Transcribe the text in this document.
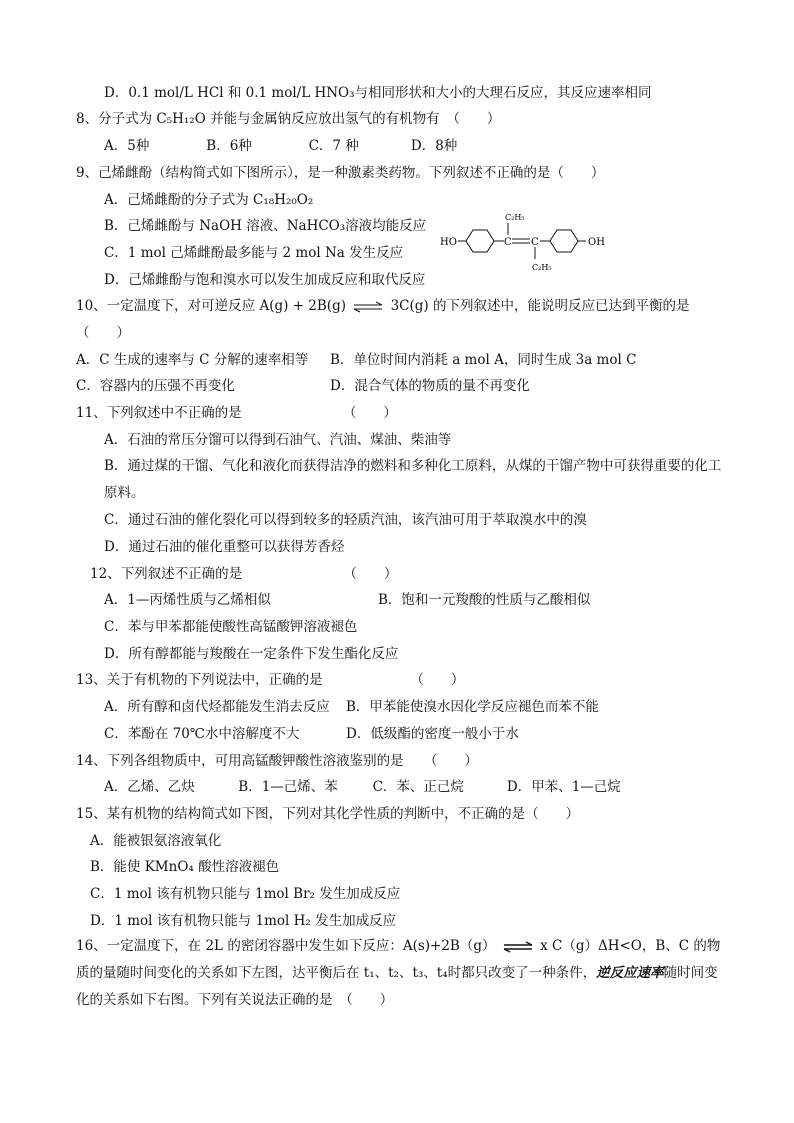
D．0.1 mol/L HCl 和 0.1 mol/L HNO₃与相同形状和大小的大理石反应，其反应速率相同
8、分子式为 C₅H₁₂O 并能与金属钠反应放出氢气的有机物有　（　　）
A．5种	B．6种	C．7 种	D．8种
9、己烯雌酚（结构简式如下图所示），是一种激素类药物。下列叙述不正确的是（　　）
A．己烯雌酚的分子式为 C₁₈H₂₀O₂
B．己烯雌酚与 NaOH 溶液、NaHCO₃溶液均能反应
C．1 mol 己烯雌酚最多能与 2 mol Na 发生反应
D．己烯雌酚与饱和溴水可以发生加成反应和取代反应
HO	C C
C₂H₅
C₂H₅
OH
10、一定温度下，对可逆反应 A(g) + 2B(g) ⇌ 3C(g) 的下列叙述中，能说明反应已达到平衡的是
（　　）
A．C 生成的速率与 C 分解的速率相等 B．单位时间内消耗 a mol A，同时生成 3a mol C
C．容器内的压强不再变化	D．混合气体的物质的量不再变化
11、下列叙述中不正确的是　　　　　　　　（　　）
A．石油的常压分馏可以得到石油气、汽油、煤油、柴油等
B．通过煤的干馏、气化和液化而获得洁净的燃料和多种化工原料，从煤的干馏产物中可获得重要的化工原料。
C．通过石油的催化裂化可以得到较多的轻质汽油，该汽油可用于萃取溴水中的溴
D．通过石油的催化重整可以获得芳香烃
12、下列叙述不正确的是　　　　　　　　（　　）
A．1—丙烯性质与乙烯相似	B．饱和一元羧酸的性质与乙酸相似
C．苯与甲苯都能使酸性高锰酸钾溶液褪色
D．所有醇都能与羧酸在一定条件下发生酯化反应
13、关于有机物的下列说法中，正确的是　　　　　　　（　　）
A．所有醇和卤代烃都能发生消去反应 B．甲苯能使溴水因化学反应褪色而苯不能
C．苯酚在 70℃水中溶解度不大	D．低级酯的密度一般小于水
14、下列各组物质中，可用高锰酸钾酸性溶液鉴别的是　　（　　）
A．乙烯、乙炔	B．1—己烯、苯	C．苯、正己烷	D．甲苯、1—己烷
15、某有机物的结构简式如下图，下列对其化学性质的判断中，不正确的是（　　）
A．能被银氨溶液氧化
B．能使 KMnO₄ 酸性溶液褪色
C．1 mol 该有机物只能与 1mol Br₂ 发生加成反应
D．1 mol 该有机物只能与 1mol H₂ 发生加成反应
16、一定温度下，在 2L 的密闭容器中发生如下反应：A(s)+2B（g） ⇌ x C（g）ΔH<O，B、C 的物质的量随时间变化的关系如下左图，达平衡后在 t₁、t₂、t₃、t₄时都只改变了一种条件，逆反应速率随时间变化的关系如下右图。下列有关说法正确的是　（　　）
